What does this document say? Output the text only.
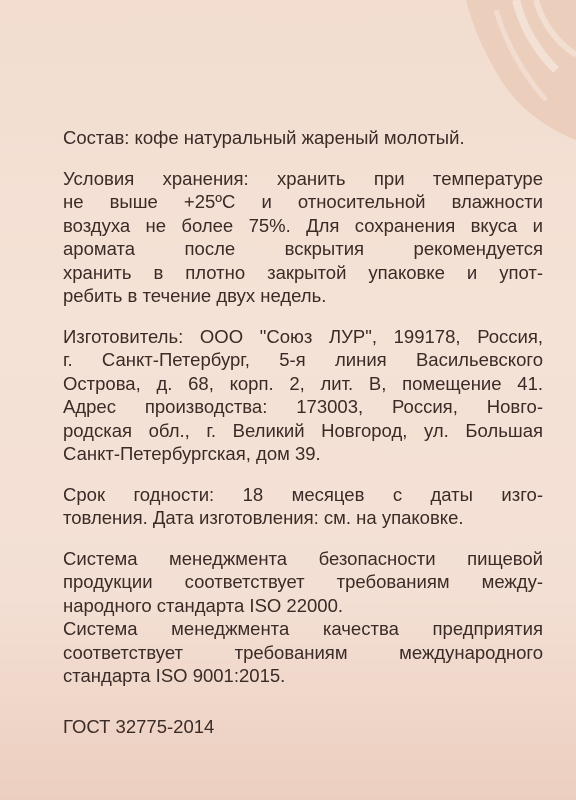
Состав: кофе натуральный жареный молотый.

Условия хранения: хранить при температуре

не выше +25ºС и относительной влажности

воздуха не более 75%. Для сохранения вкуса и

аромата после вскрытия рекомендуется

хранить в плотно закрытой упаковке и упот-

ребить в течение двух недель.

Изготовитель: ООО "Союз ЛУР", 199178, Россия,

г. Санкт-Петербург, 5-я линия Васильевского

Острова, д. 68, корп. 2, лит. В, помещение 41.

Адрес производства: 173003, Россия, Новго-

родская обл., г. Великий Новгород, ул. Большая

Санкт-Петербургская, дом 39.

Срок годности: 18 месяцев с даты изго-

товления. Дата изготовления: см. на упаковке.

Система менеджмента безопасности пищевой

продукции соответствует требованиям между-

народного стандарта ISO 22000.

Система менеджмента качества предприятия

соответствует требованиям международного

стандарта ISO 9001:2015.

ГОСТ 32775-2014
